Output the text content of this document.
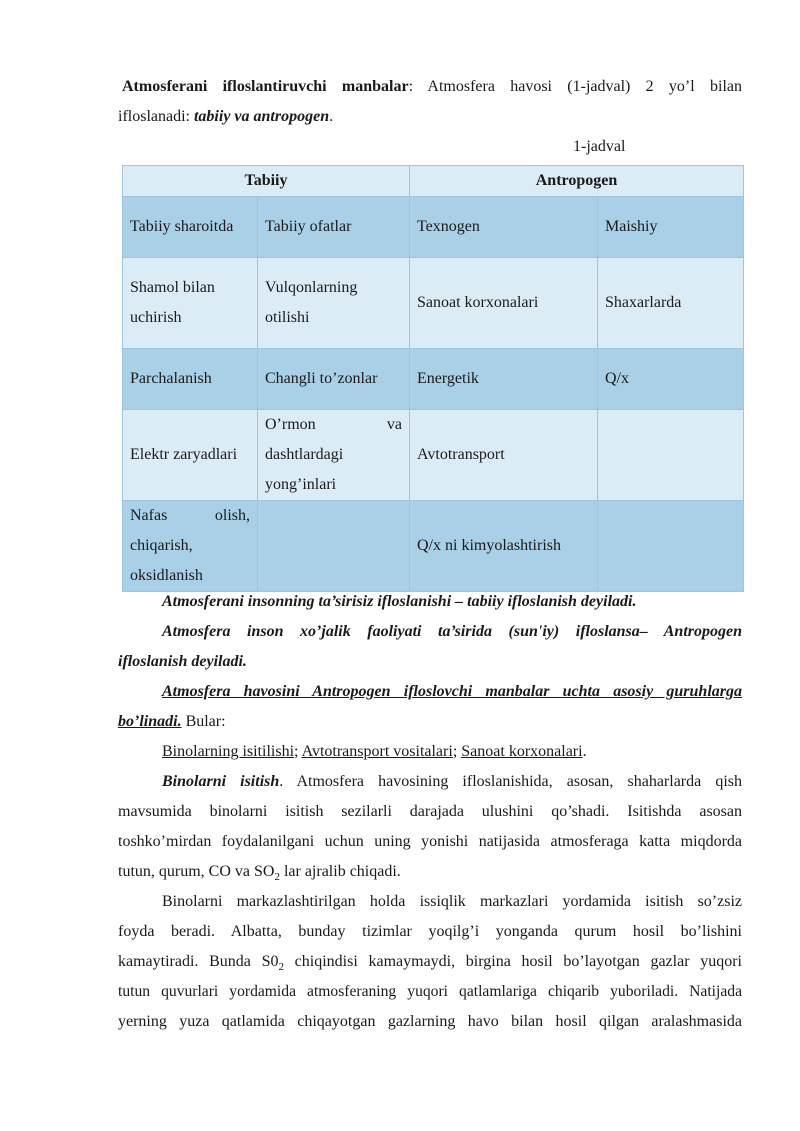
Atmosferani ifloslantiruvchi manbalar: Atmosfera havosi (1-jadval) 2 yo’l bilan
ifloslanadi: tabiiy va antropogen.
1-jadval
Tabiiy		Antropogen	
Tabiiy sharoitda	Tabiiy ofatlar	Texnogen	Maishiy
Shamol bilan uchirish	Vulqonlarning otilishi	Sanoat korxonalari	Shaxarlarda
Parchalanish	Changli to’zonlar	Energetik	Q/x
Elektr zaryadlari	O’rmon va dashtlardagi yong’inlari	Avtotransport	
Nafas olish, chiqarish, oksidlanish		Q/x ni kimyolashtirish	
Atmosferani insonning ta’sirisiz ifloslanishi – tabiiy ifloslanish deyiladi.
Atmosfera inson xo’jalik faoliyati ta’sirida (sun'iy) ifloslansa– Antropogen
ifloslanish deyiladi.
Atmosfera havosini Antropogen ifloslovchi manbalar uchta asosiy guruhlarga
bo’linadi. Bular:
Binolarning isitilishi; Avtotransport vositalari; Sanoat korxonalari.
Binolarni isitish. Atmosfera havosining ifloslanishida, asosan, shaharlarda qish
mavsumida binolarni isitish sezilarli darajada ulushini qo’shadi. Isitishda asosan
toshko’mirdan foydalanilgani uchun uning yonishi natijasida atmosferaga katta miqdorda
tutun, qurum, CO va $SO_2$ lar ajralib chiqadi.
Binolarni markazlashtirilgan holda issiqlik markazlari yordamida isitish so’zsiz
foyda beradi. Albatta, bunday tizimlar yoqilg’i yonganda qurum hosil bo’lishini
kamaytiradi. Bunda $S0_2$ chiqindisi kamaymaydi, birgina hosil bo’layotgan gazlar yuqori
tutun quvurlari yordamida atmosferaning yuqori qatlamlariga chiqarib yuboriladi. Natijada
yerning yuza qatlamida chiqayotgan gazlarning havo bilan hosil qilgan aralashmasida
